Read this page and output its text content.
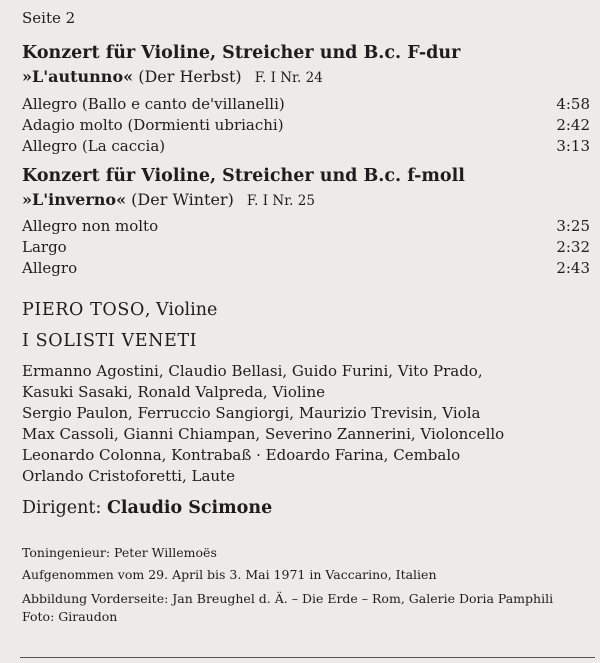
Seite 2
Konzert für Violine, Streicher und B.c. F-dur
»L'autunno« (Der Herbst) F. I Nr. 24
Allegro (Ballo e canto de'villanelli)	4:58
Adagio molto (Dormienti ubriachi)	2:42
Allegro (La caccia)	3:13
Konzert für Violine, Streicher und B.c. f-moll
»L'inverno« (Der Winter) F. I Nr. 25
Allegro non molto	3:25
Largo	2:32
Allegro	2:43
PIERO TOSO, Violine
I SOLISTI VENETI
Ermanno Agostini, Claudio Bellasi, Guido Furini, Vito Prado,
Kasuki Sasaki, Ronald Valpreda, Violine
Sergio Paulon, Ferruccio Sangiorgi, Maurizio Trevisin, Viola
Max Cassoli, Gianni Chiampan, Severino Zannerini, Violoncello
Leonardo Colonna, Kontrabaß · Edoardo Farina, Cembalo
Orlando Cristoforetti, Laute
Dirigent: Claudio Scimone
Toningenieur: Peter Willemoës
Aufgenommen vom 29. April bis 3. Mai 1971 in Vaccarino, Italien
Abbildung Vorderseite: Jan Breughel d. Ä. – Die Erde – Rom, Galerie Doria Pamphili
Foto: Giraudon
